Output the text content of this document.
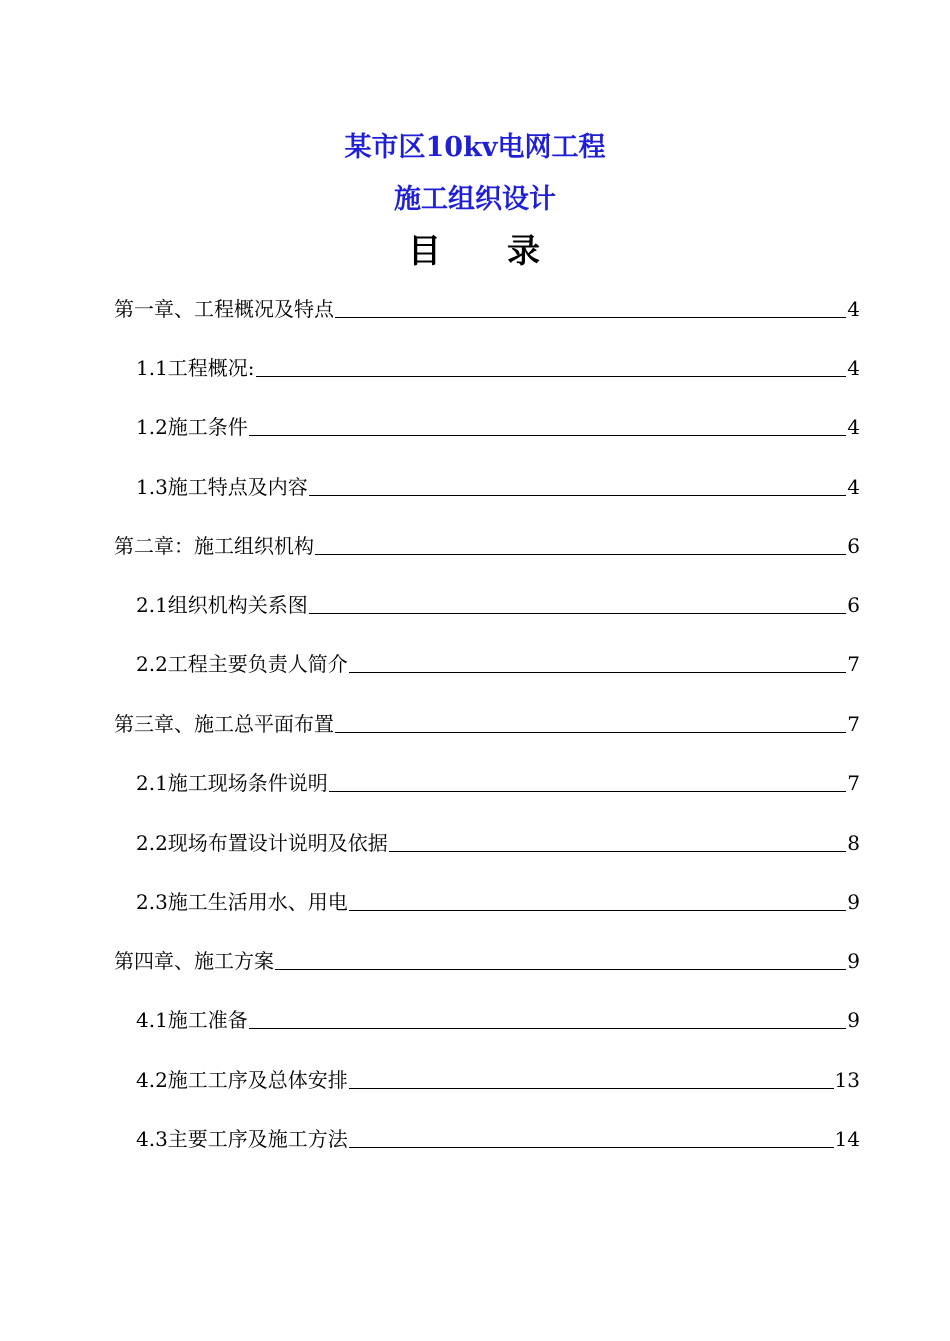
某市区10kv电网工程
施工组织设计
目 录
第一章、工程概况及特点	4
1.1工程概况:	4
1.2施工条件	4
1.3施工特点及内容	4
第二章：施工组织机构	6
2.1组织机构关系图	6
2.2工程主要负责人简介	7
第三章、施工总平面布置	7
2.1施工现场条件说明	7
2.2现场布置设计说明及依据	8
2.3施工生活用水、用电	9
第四章、施工方案	9
4.1施工准备	9
4.2施工工序及总体安排	13
4.3主要工序及施工方法	14
